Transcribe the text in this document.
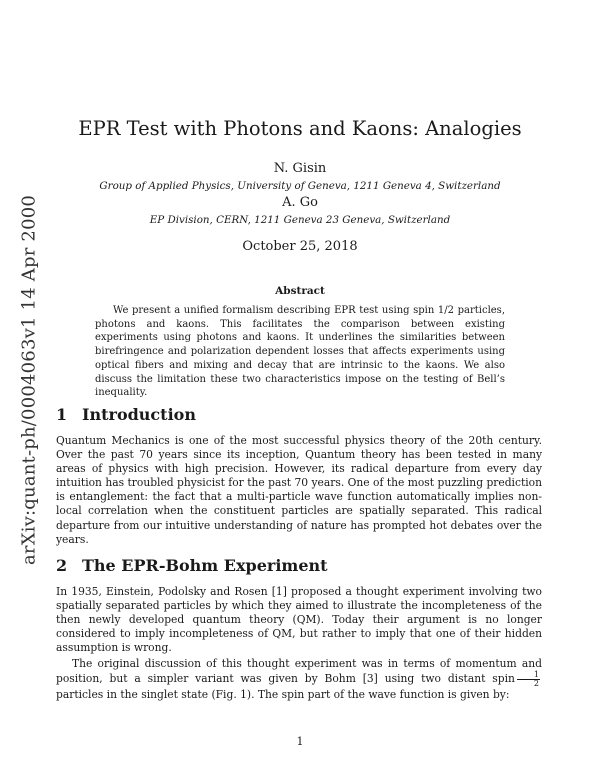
arXiv:quant-ph/0004063v1 14 Apr 2000
EPR Test with Photons and Kaons: Analogies
N. Gisin
Group of Applied Physics, University of Geneva, 1211 Geneva 4, Switzerland
A. Go
EP Division, CERN, 1211 Geneva 23 Geneva, Switzerland
October 25, 2018
Abstract
We present a unified formalism describing EPR test using spin 1/2 particles, photons and kaons. This facilitates the comparison between existing experiments using photons and kaons. It underlines the similarities between birefringence and polarization dependent losses that affects experiments using optical fibers and mixing and decay that are intrinsic to the kaons. We also discuss the limitation these two characteristics impose on the testing of Bell’s inequality.
1 Introduction
Quantum Mechanics is one of the most successful physics theory of the 20th century. Over the past 70 years since its inception, Quantum theory has been tested in many areas of physics with high precision. However, its radical departure from every day intuition has troubled physicist for the past 70 years. One of the most puzzling prediction is entanglement: the fact that a multi-particle wave function automatically implies non-local correlation when the constituent particles are spatially separated. This radical departure from our intuitive understanding of nature has prompted hot debates over the years.
2 The EPR-Bohm Experiment
In 1935, Einstein, Podolsky and Rosen [1] proposed a thought experiment involving two spatially separated particles by which they aimed to illustrate the incompleteness of the then newly developed quantum theory (QM). Today their argument is no longer considered to imply incompleteness of QM, but rather to imply that one of their hidden assumption is wrong.
The original discussion of this thought experiment was in terms of momentum and position, but a simpler variant was given by Bohm [3] using two distant spin $\frac{1}{2}$
particles in the singlet state (Fig. 1). The spin part of the wave function is given by:
1
